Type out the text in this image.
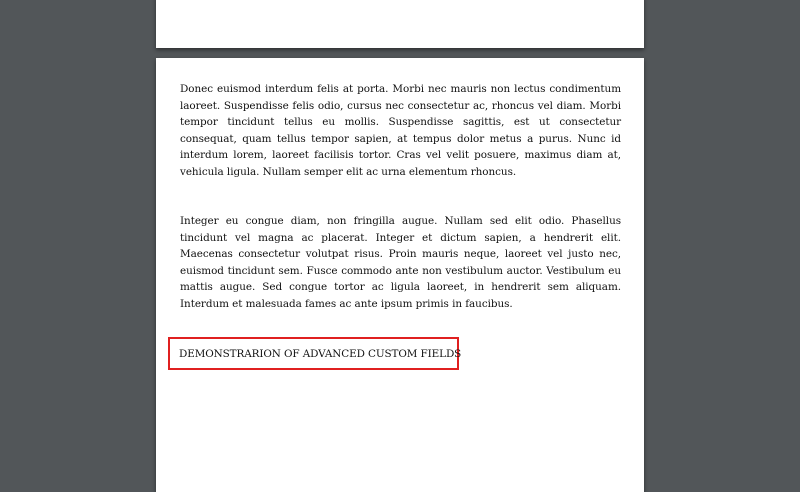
Donec euismod interdum felis at porta. Morbi nec mauris non lectus condimentum laoreet. Suspendisse felis odio, cursus nec consectetur ac, rhoncus vel diam. Morbi tempor tincidunt tellus eu mollis. Suspendisse sagittis, est ut consectetur consequat, quam tellus tempor sapien, at tempus dolor metus a purus. Nunc id interdum lorem, laoreet facilisis tortor. Cras vel velit posuere, maximus diam at, vehicula ligula. Nullam semper elit ac urna elementum rhoncus.

Integer eu congue diam, non fringilla augue. Nullam sed elit odio. Phasellus tincidunt vel magna ac placerat. Integer et dictum sapien, a hendrerit elit. Maecenas consectetur volutpat risus. Proin mauris neque, laoreet vel justo nec, euismod tincidunt sem. Fusce commodo ante non vestibulum auctor. Vestibulum eu mattis augue. Sed congue tortor ac ligula laoreet, in hendrerit sem aliquam. Interdum et malesuada fames ac ante ipsum primis in faucibus.

DEMONSTRARION OF ADVANCED CUSTOM FIELDS
